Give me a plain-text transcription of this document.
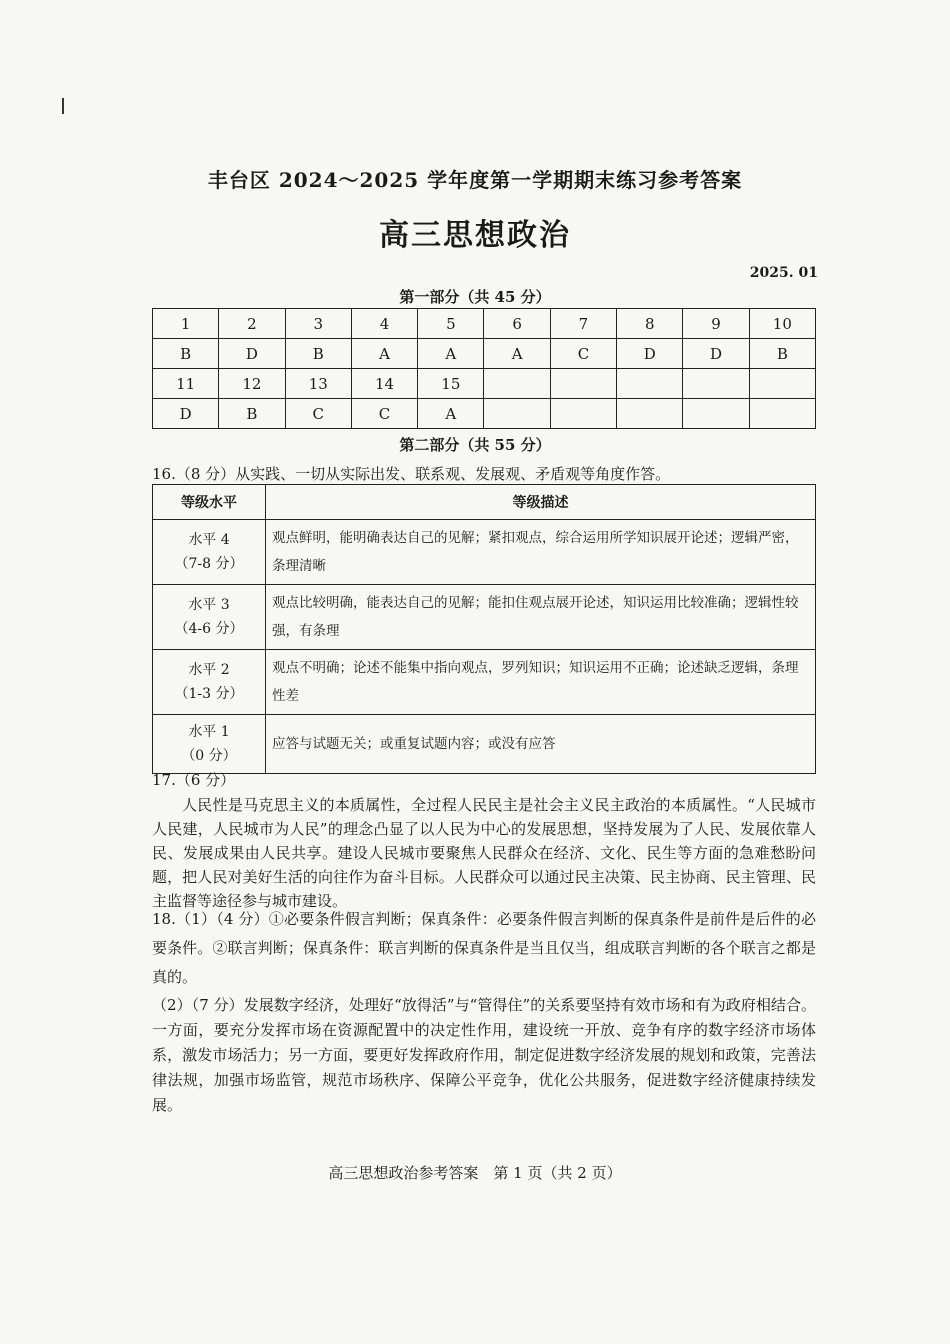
丰台区 2024～2025 学年度第一学期期末练习参考答案
高三思想政治
2025. 01
第一部分（共 45 分）
1	2	3	4	5	6	7	8	9	10
B	D	B	A	A	A	C	D	D	B
11	12	13	14	15					
D	B	C	C	A					
第二部分（共 55 分）
16.（8 分）从实践、一切从实际出发、联系观、发展观、矛盾观等角度作答。
等级水平	等级描述
水平 4
（7-8 分）	观点鲜明，能明确表达自己的见解；紧扣观点，综合运用所学知识展开论述；逻辑严密，条理清晰
水平 3
（4-6 分）	观点比较明确，能表达自己的见解；能扣住观点展开论述，知识运用比较准确；逻辑性较强，有条理
水平 2
（1-3 分）	观点不明确；论述不能集中指向观点，罗列知识；知识运用不正确；论述缺乏逻辑，条理性差
水平 1
（0 分）	应答与试题无关；或重复试题内容；或没有应答
17.（6 分）
人民性是马克思主义的本质属性，全过程人民民主是社会主义民主政治的本质属性。“人民城市人民建，人民城市为人民”的理念凸显了以人民为中心的发展思想，坚持发展为了人民、发展依靠人民、发展成果由人民共享。建设人民城市要聚焦人民群众在经济、文化、民生等方面的急难愁盼问题，把人民对美好生活的向往作为奋斗目标。人民群众可以通过民主决策、民主协商、民主管理、民主监督等途径参与城市建设。
18.（1）（4 分）①必要条件假言判断；保真条件：必要条件假言判断的保真条件是前件是后件的必要条件。②联言判断；保真条件：联言判断的保真条件是当且仅当，组成联言判断的各个联言之都是真的。
（2）（7 分）发展数字经济，处理好“放得活”与“管得住”的关系要坚持有效市场和有为政府相结合。一方面，要充分发挥市场在资源配置中的决定性作用，建设统一开放、竞争有序的数字经济市场体系，激发市场活力；另一方面，要更好发挥政府作用，制定促进数字经济发展的规划和政策，完善法律法规，加强市场监管，规范市场秩序、保障公平竞争，优化公共服务，促进数字经济健康持续发展。
高三思想政治参考答案　第 1 页（共 2 页）
